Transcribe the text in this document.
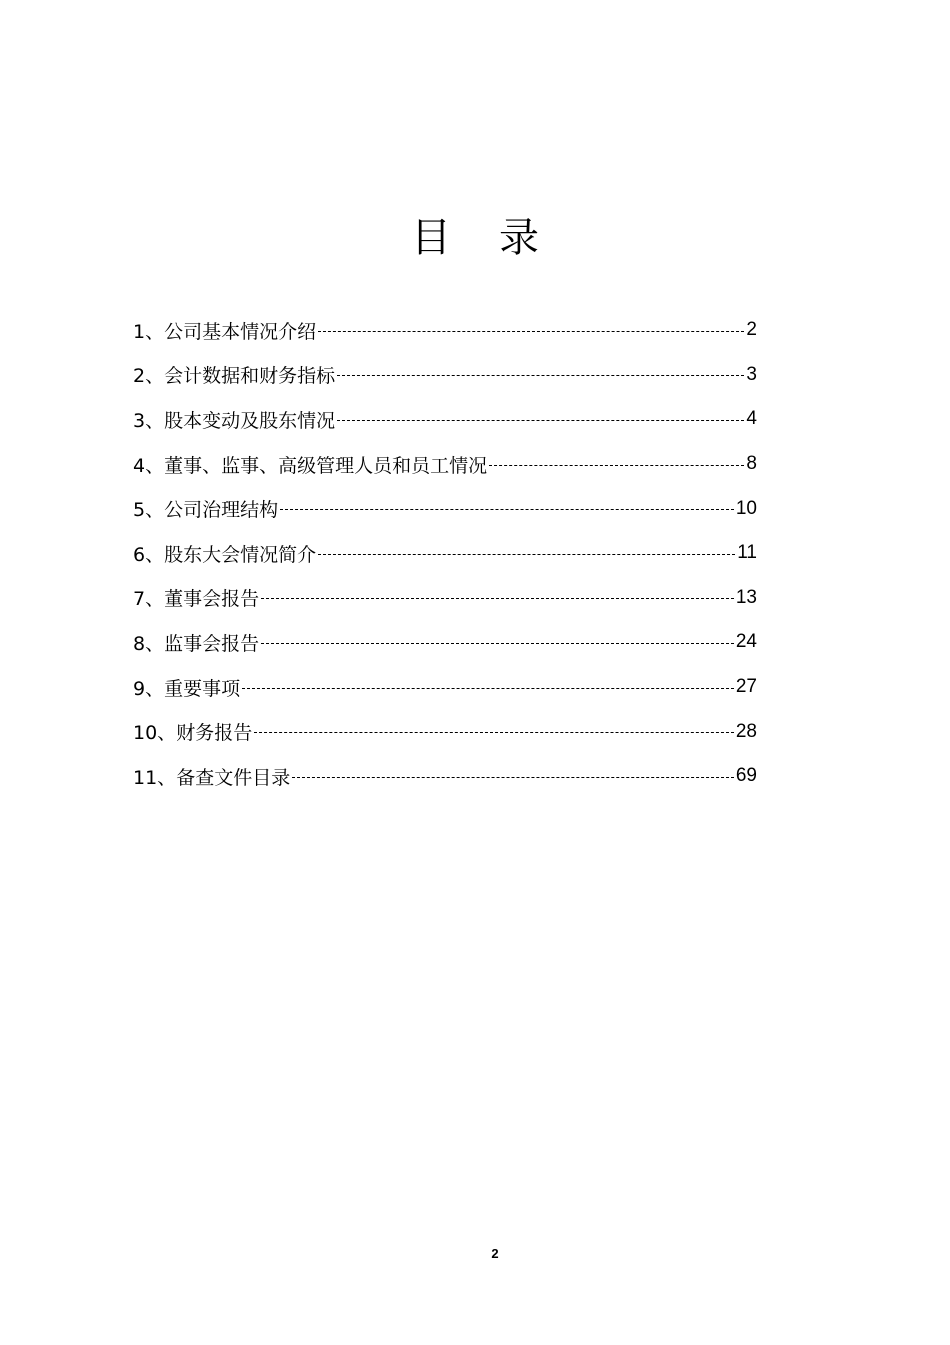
目 录
1、 公司基本情况介绍	2
2、 会计数据和财务指标	3
3、 股本变动及股东情况	4
4、 董事、监事、高级管理人员和员工情况	8
5、 公司治理结构	10
6、 股东大会情况简介	11
7、 董事会报告	13
8、 监事会报告	24
9、 重要事项	27
10、 财务报告	28
11、 备查文件目录	69
2
